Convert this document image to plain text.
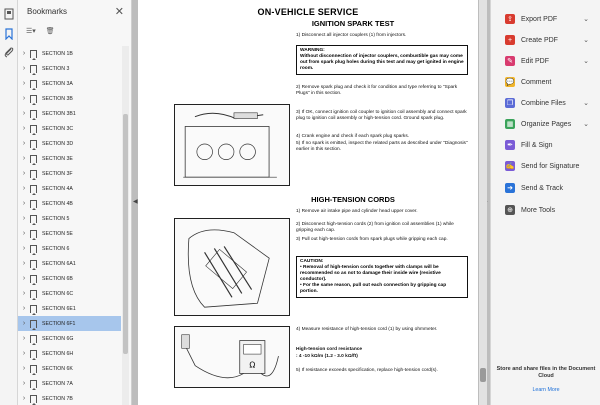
Bookmarks	✕
☰▾ 🗑
›	SECTION 1B
›	SECTION 3
›	SECTION 3A
›	SECTION 3B
›	SECTION 3B1
›	SECTION 3C
›	SECTION 3D
›	SECTION 3E
›	SECTION 3F
›	SECTION 4A
›	SECTION 4B
›	SECTION 5
›	SECTION 5E
›	SECTION 6
›	SECTION 6A1
›	SECTION 6B
›	SECTION 6C
›	SECTION 6E1
›	SECTION 6F1
›	SECTION 6G
›	SECTION 6H
›	SECTION 6K
›	SECTION 7A
›	SECTION 7B
◀
ON-VEHICLE SERVICE
IGNITION SPARK TEST
1) Disconnect all injector couplers (1) from injectors.
WARNING:
Without disconnection of injector couplers, combustible gas may come out from spark plug holes during this test and may get ignited in engine room.
2) Remove spark plug and check it for condition and type referring to "Spark Plugs" in this section.
3) If OK, connect ignition coil coupler to ignition coil assembly and connect spark plug to ignition coil assembly or high-tension cord. Ground spark plug.
4) Crank engine and check if each spark plug sparks.
5) If no spark is emitted, inspect the related parts as described under "Diagnosis" earlier in this section.
HIGH-TENSION CORDS
1) Remove air intake pipe and cylinder head upper cover.
2) Disconnect high-tension cords (2) from ignition coil assemblies (1) while gripping each cap.
3) Pull out high-tension cords from spark plugs while gripping each cap.
CAUTION:
• Removal of high-tension cords together with clamps will be recommended so as not to damage their inside wire (resistive conductor).
• For the same reason, pull out each connection by gripping cap portion.
4) Measure resistance of high-tension cord (1) by using ohmmeter.
High-tension cord resistance
: 4 -10 kΩ/m (1.2 - 3.0 kΩ/ft)
5) If resistance exceeds specification, replace high-tension cord(s).
Ω	Store and share files in the Document Cloud
Learn More
⇪ Export PDF	⌄
+	Create PDF	⌄
✎ Edit PDF	⌄
💬 Comment
❐ Combine Files ⌄
▦ Organize Pages ⌄
✒ Fill & Sign
✍ Send for Signature
➜ Send & Track
⊕ More Tools
